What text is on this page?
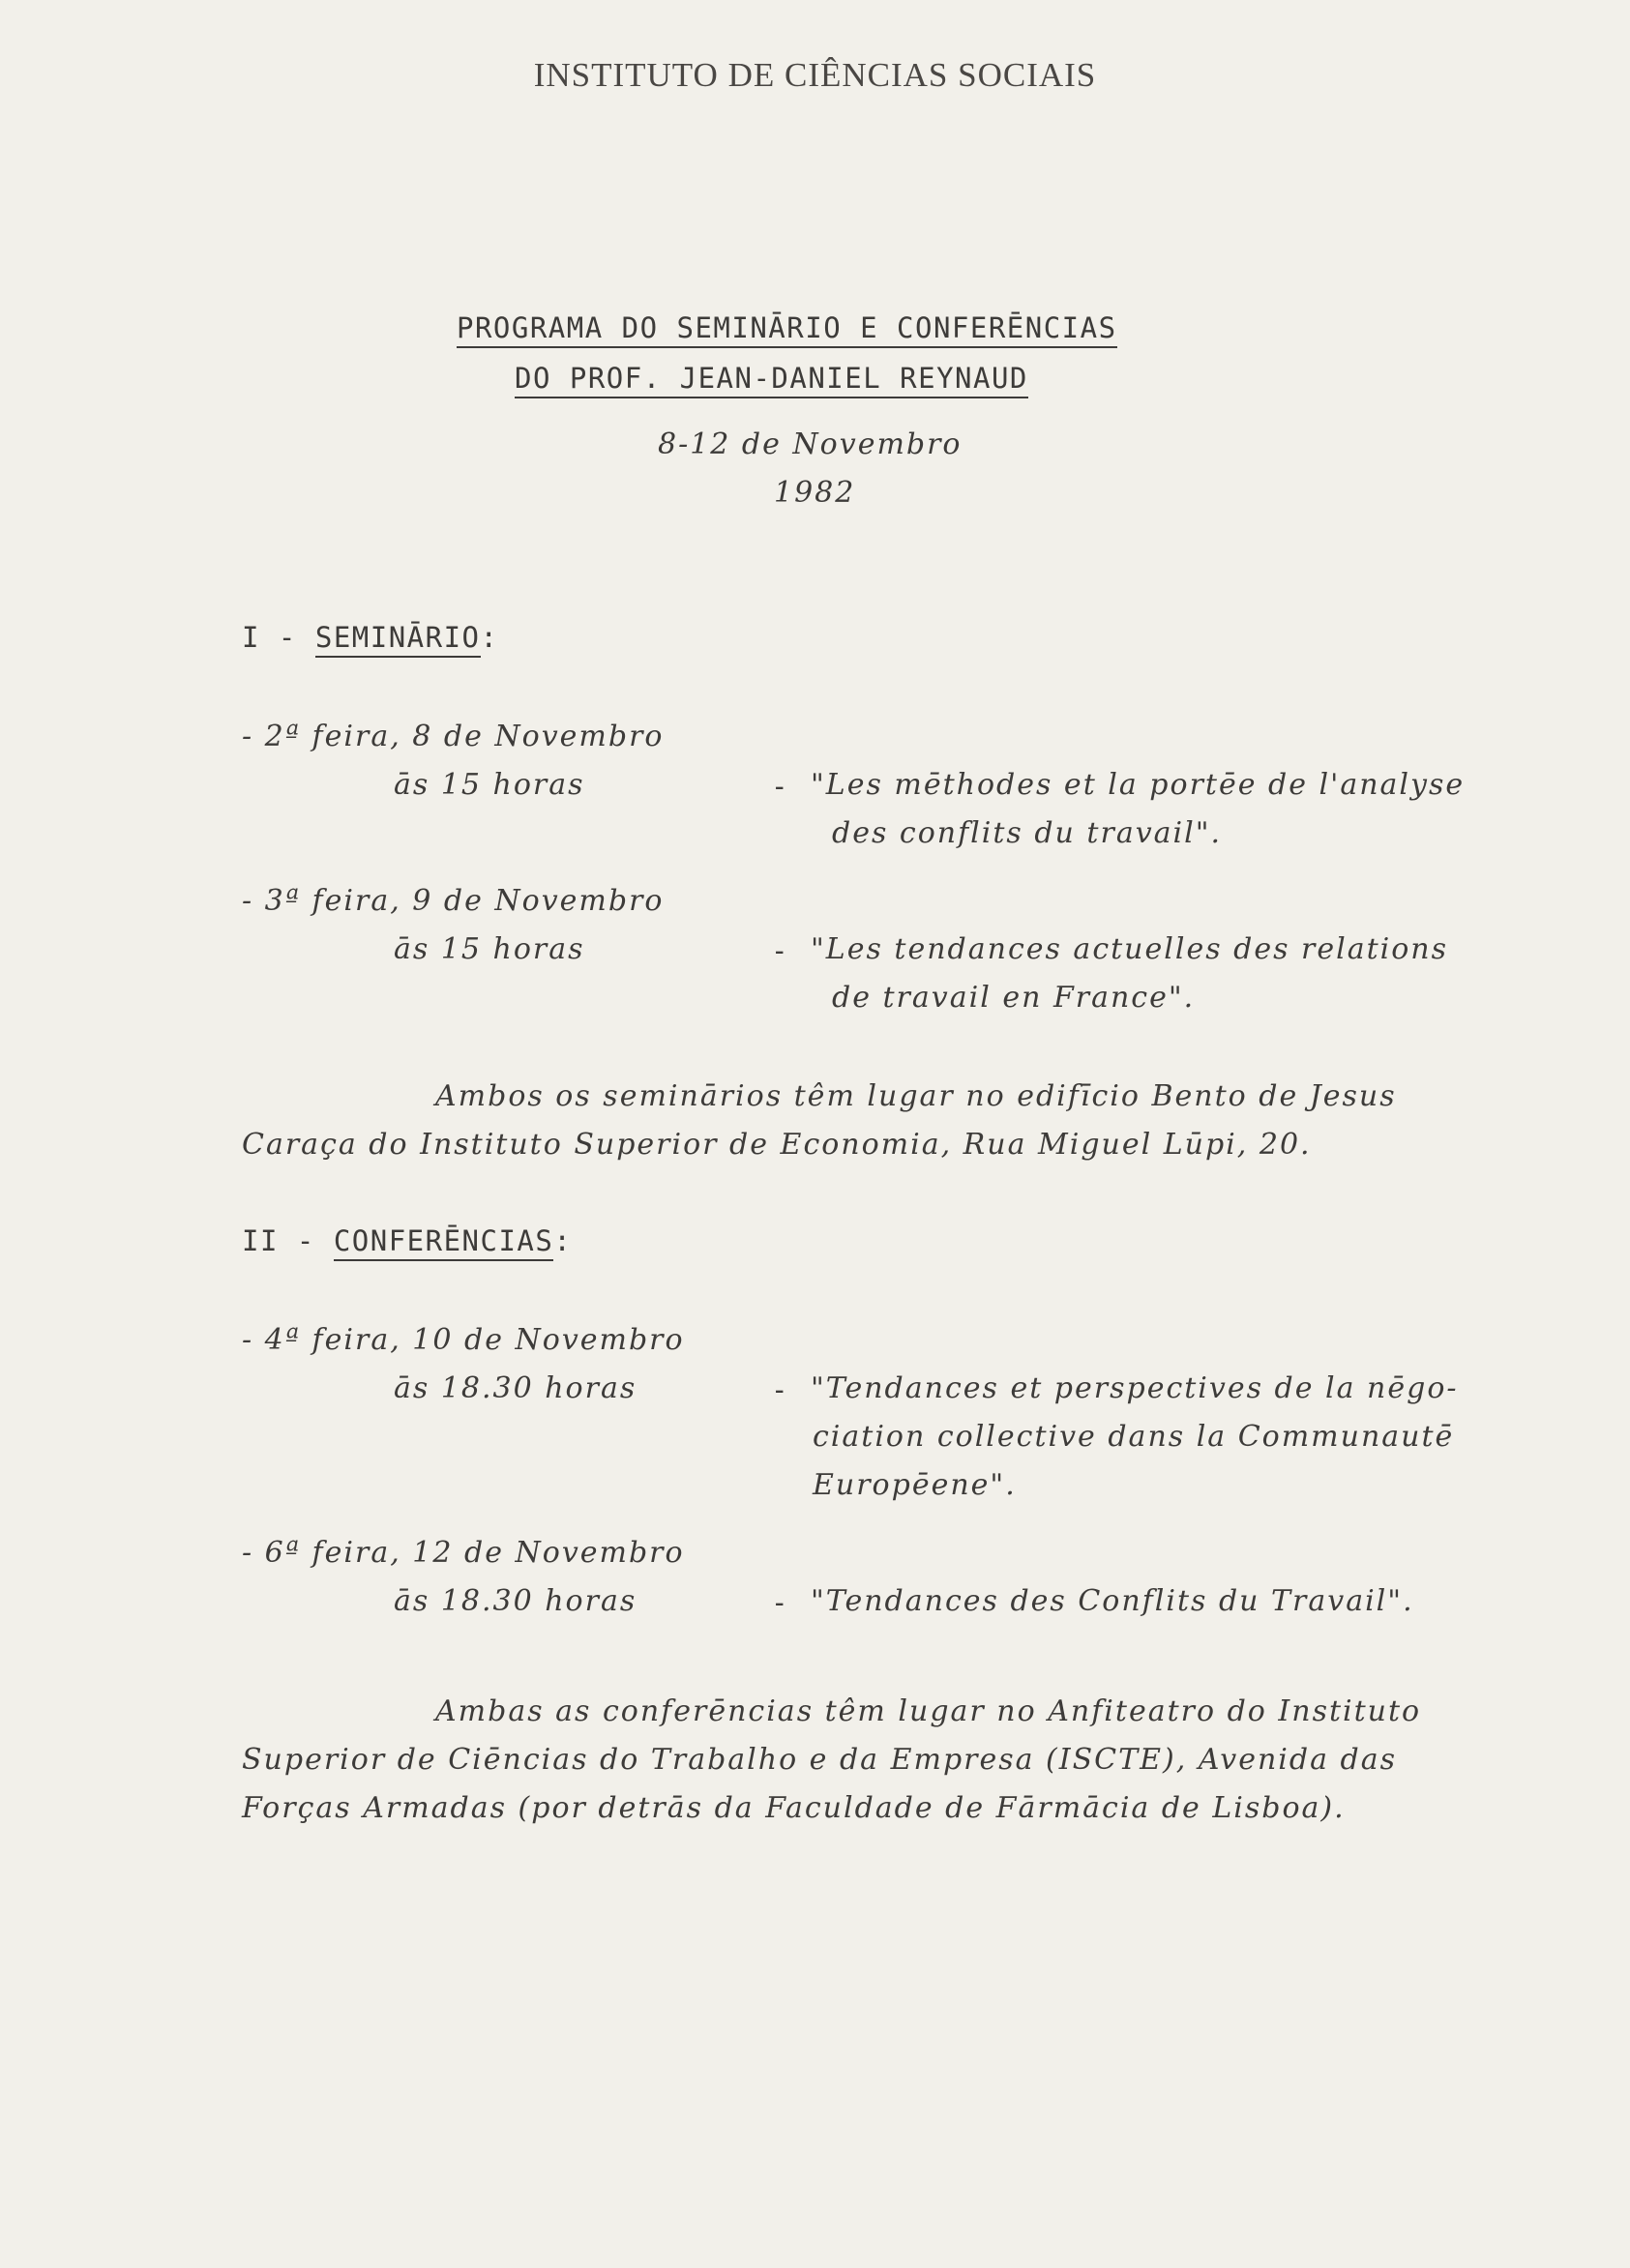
INSTITUTO DE CIÊNCIAS SOCIAIS
PROGRAMA DO SEMINĀRIO E CONFERĒNCIAS
DO PROF. JEAN-DANIEL REYNAUD
8-12 de Novembro
1982
I - SEMINĀRIO:
- 2ª feira, 8 de Novembro
ās 15 horas	- "Les mēthodes et la portēe de l'analyse
des conflits du travail".
- 3ª feira, 9 de Novembro
ās 15 horas	- "Les tendances actuelles des relations
de travail en France".
Ambos os seminārios têm lugar no edifīcio Bento de Jesus
Caraça do Instituto Superior de Economia, Rua Miguel Lūpi, 20.
II - CONFERĒNCIAS:
- 4ª feira, 10 de Novembro
ās 18.30 horas	- "Tendances et perspectives de la nēgo-
ciation collective dans la Communautē
Europēene".
- 6ª feira, 12 de Novembro
ās 18.30 horas	- "Tendances des Conflits du Travail".
Ambas as conferēncias têm lugar no Anfiteatro do Instituto
Superior de Ciēncias do Trabalho e da Empresa (ISCTE), Avenida das
Forças Armadas (por detrās da Faculdade de Fārmācia de Lisboa).
